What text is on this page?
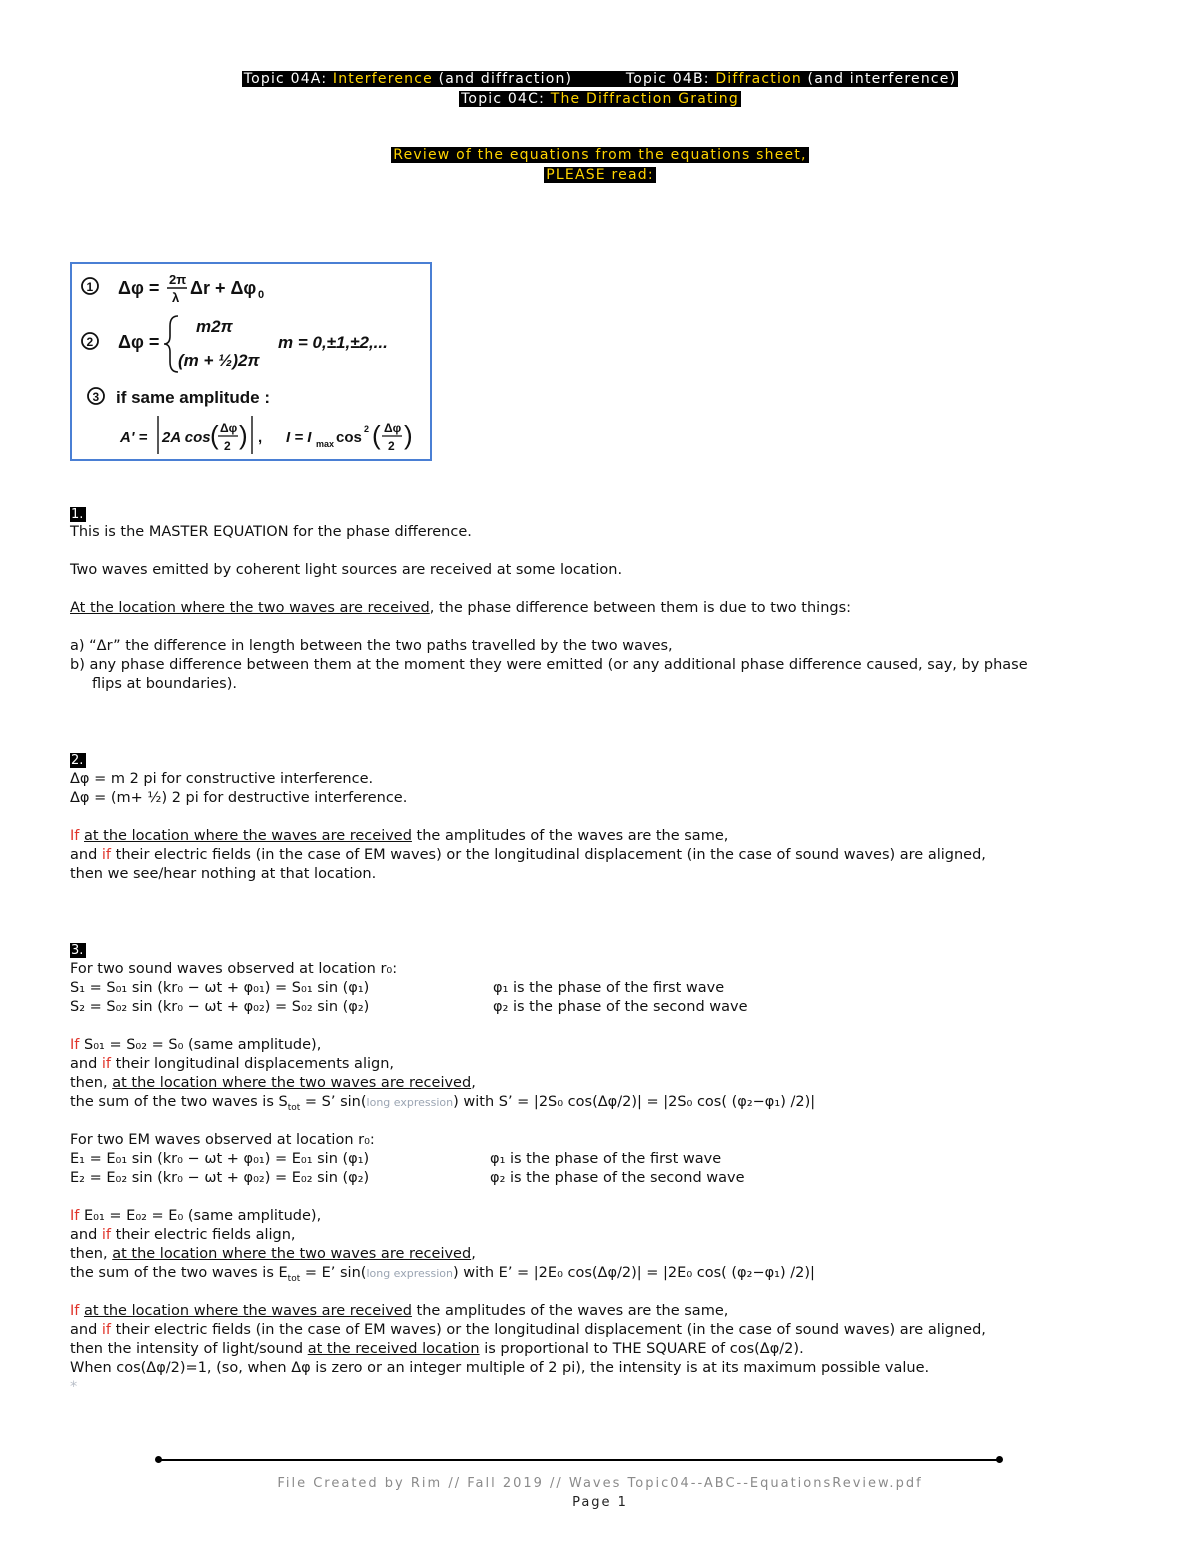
Topic 04A: Interference (and diffraction)	Topic 04B: Diffraction (and interference)
Topic 04C: The Diffraction Grating
Review of the equations from the equations sheet,
PLEASE read:
1 Δφ = 2π
λ Δr + Δφ 0
2 Δφ =
m2π
(m + ½)2π
m = 0,±1,±2,...
3 if same amplitude :
A' = 2A cos ( Δφ
2 ) , I = I max cos 2 ( Δφ
2 )
1.
This is the MASTER EQUATION for the phase difference.
Two waves emitted by coherent light sources are received at some location.
At the location where the two waves are received, the phase difference between them is due to two things:
a) “Δr” the difference in length between the two paths travelled by the two waves,
b) any phase difference between them at the moment they were emitted (or any additional phase difference caused, say, by phase
flips at boundaries).
2.
Δφ = m 2 pi for constructive interference.
Δφ = (m+ ½) 2 pi for destructive interference.
If at the location where the waves are received the amplitudes of the waves are the same,
and if their electric fields (in the case of EM waves) or the longitudinal displacement (in the case of sound waves) are aligned,
then we see/hear nothing at that location.
3.
For two sound waves observed at location r₀:
S₁ = S₀₁ sin (kr₀ − ωt + φ₀₁) = S₀₁ sin (φ₁)
S₂ = S₀₂ sin (kr₀ − ωt + φ₀₂) = S₀₂ sin (φ₂)
φ₁ is the phase of the first wave
φ₂ is the phase of the second wave
If S₀₁ = S₀₂ = S₀ (same amplitude),
and if their longitudinal displacements align,
then, at the location where the two waves are received,
the sum of the two waves is $S_{tot} = S$’ sin(long expression) with S’ = |2S₀ cos(Δφ/2)| = |2S₀ cos( (φ₂−φ₁) /2)|
For two EM waves observed at location r₀:
E₁ = E₀₁ sin (kr₀ − ωt + φ₀₁) = E₀₁ sin (φ₁)
E₂ = E₀₂ sin (kr₀ − ωt + φ₀₂) = E₀₂ sin (φ₂)
φ₁ is the phase of the first wave
φ₂ is the phase of the second wave
If E₀₁ = E₀₂ = E₀ (same amplitude),
and if their electric fields align,
then, at the location where the two waves are received,
the sum of the two waves is $E_{tot} = E$’ sin(long expression) with E’ = |2E₀ cos(Δφ/2)| = |2E₀ cos( (φ₂−φ₁) /2)|
If at the location where the waves are received the amplitudes of the waves are the same,
and if their electric fields (in the case of EM waves) or the longitudinal displacement (in the case of sound waves) are aligned,
then the intensity of light/sound at the received location is proportional to THE SQUARE of cos(Δφ/2).
When cos(Δφ/2)=1, (so, when Δφ is zero or an integer multiple of 2 pi), the intensity is at its maximum possible value.
*
File Created by Rim // Fall 2019 // Waves Topic04--ABC--EquationsReview.pdf
Page 1
